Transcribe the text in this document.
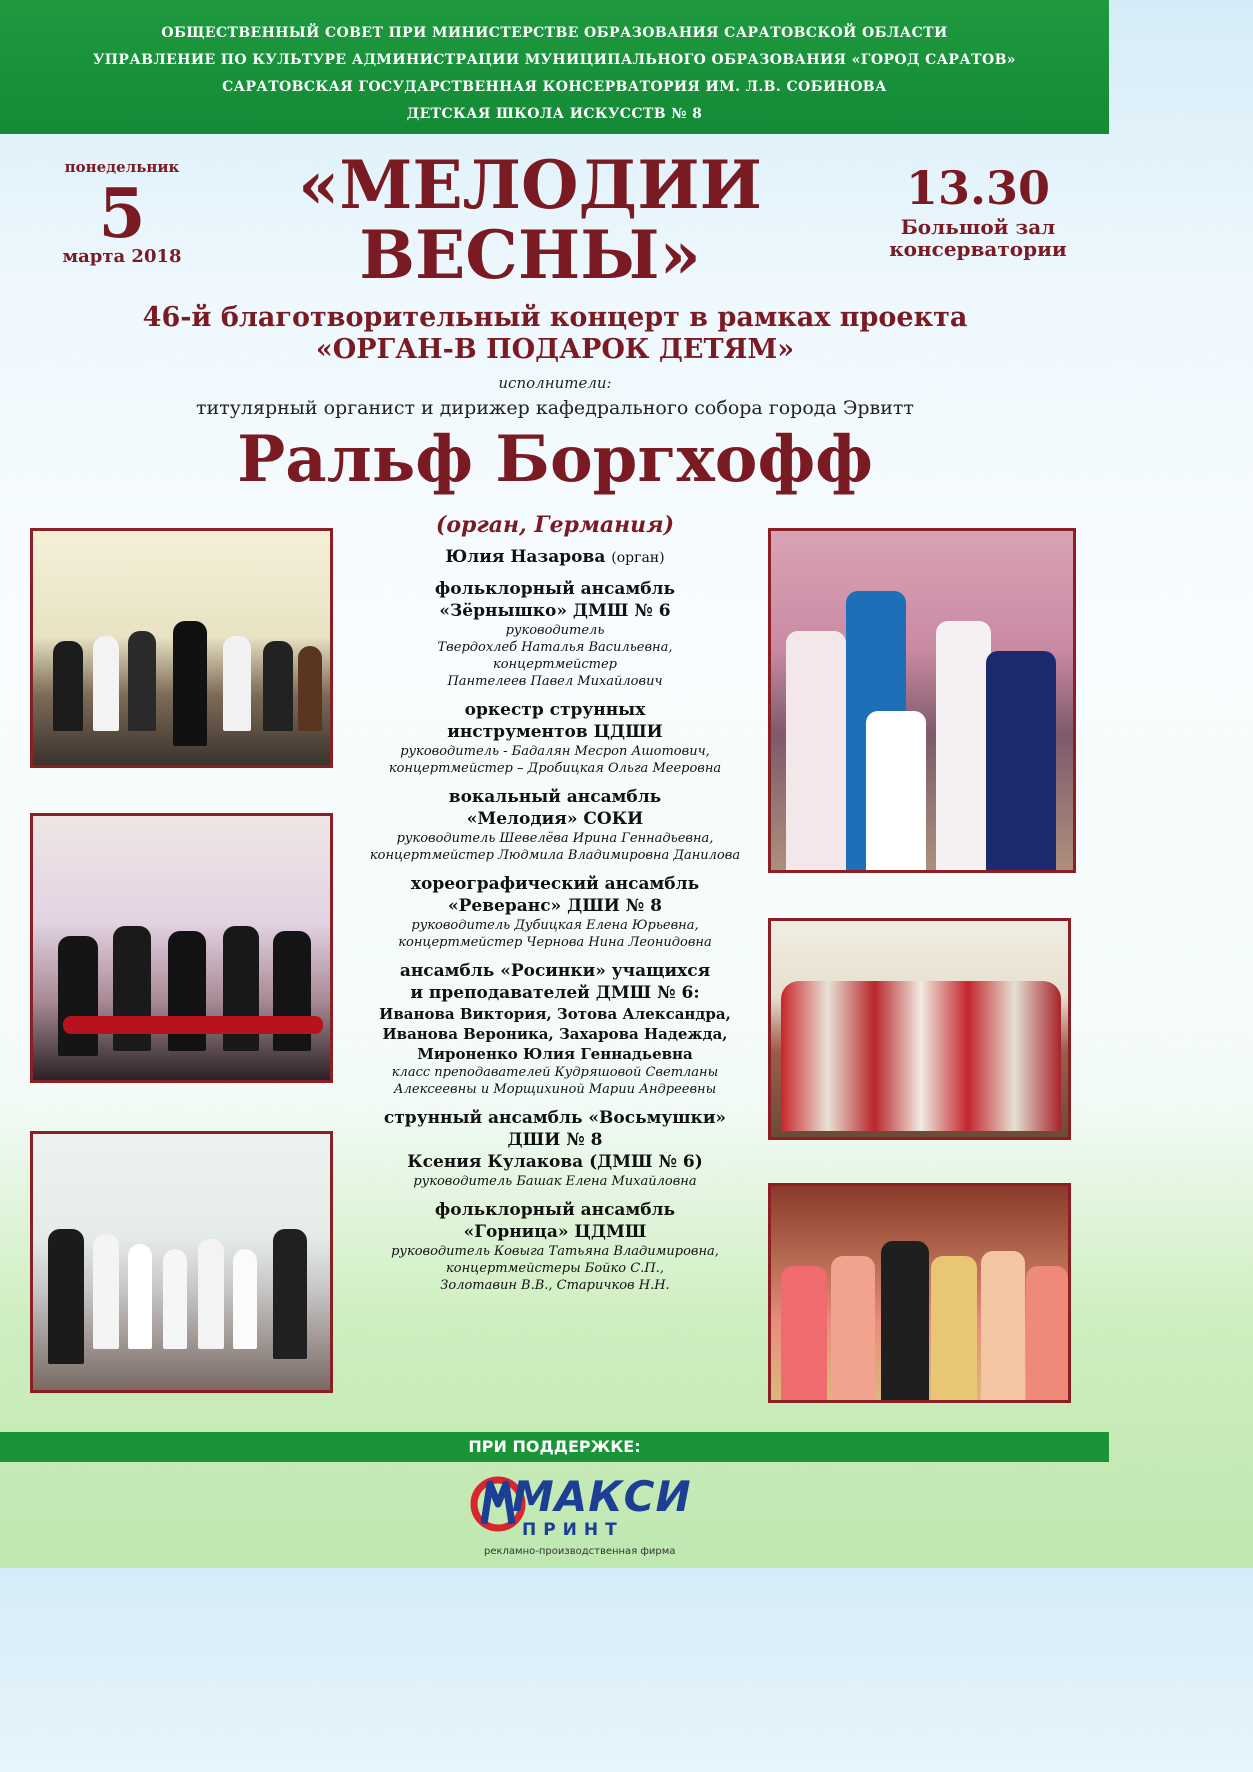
ОБЩЕСТВЕННЫЙ СОВЕТ ПРИ МИНИСТЕРСТВЕ ОБРАЗОВАНИЯ САРАТОВСКОЙ ОБЛАСТИ
УПРАВЛЕНИЕ ПО КУЛЬТУРЕ АДМИНИСТРАЦИИ МУНИЦИПАЛЬНОГО ОБРАЗОВАНИЯ «ГОРОД САРАТОВ»
САРАТОВСКАЯ ГОСУДАРСТВЕННАЯ КОНСЕРВАТОРИЯ ИМ. Л.В. СОБИНОВА
ДЕТСКАЯ ШКОЛА ИСКУССТВ № 8
понедельник
5
марта 2018
«МЕЛОДИИ
ВЕСНЫ»
13.30
Большой зал
консерватории
46-й благотворительный концерт в рамках проекта
«ОРГАН-В ПОДАРОК ДЕТЯМ»
исполнители:
титулярный органист и дирижер кафедрального собора города Эрвитт
Ральф Боргхофф
(орган, Германия)
Юлия Назарова (орган)
фольклорный ансамбль
«Зёрнышко» ДМШ № 6
руководитель
Твердохлеб Наталья Васильевна,
концертмейстер
Пантелеев Павел Михайлович
оркестр струнных
инструментов ЦДШИ
руководитель - Бадалян Месроп Ашотович,
концертмейстер – Дробицкая Ольга Мееровна
вокальный ансамбль
«Мелодия» СОКИ
руководитель Шевелёва Ирина Геннадьевна,
концертмейстер Людмила Владимировна Данилова
хореографический ансамбль
«Реверанс» ДШИ № 8
руководитель Дубицкая Елена Юрьевна,
концертмейстер Чернова Нина Леонидовна
ансамбль «Росинки» учащихся
и преподавателей ДМШ № 6:
Иванова Виктория, Зотова Александра,
Иванова Вероника, Захарова Надежда,
Мироненко Юлия Геннадьевна
класс преподавателей Кудряшовой Светланы
Алексеевны и Морщихиной Марии Андреевны
струнный ансамбль «Восьмушки»
ДШИ № 8
Ксения Кулакова (ДМШ № 6)
руководитель Башак Елена Михайловна
фольклорный ансамбль
«Горница» ЦДМШ
руководитель Ковыга Татьяна Владимировна,
концертмейстеры Бойко С.П.,
Золотавин В.В., Старичков Н.Н.
ПРИ ПОДДЕРЖКЕ:
МАКСИ
ПРИНТ
рекламно-производственная фирма
